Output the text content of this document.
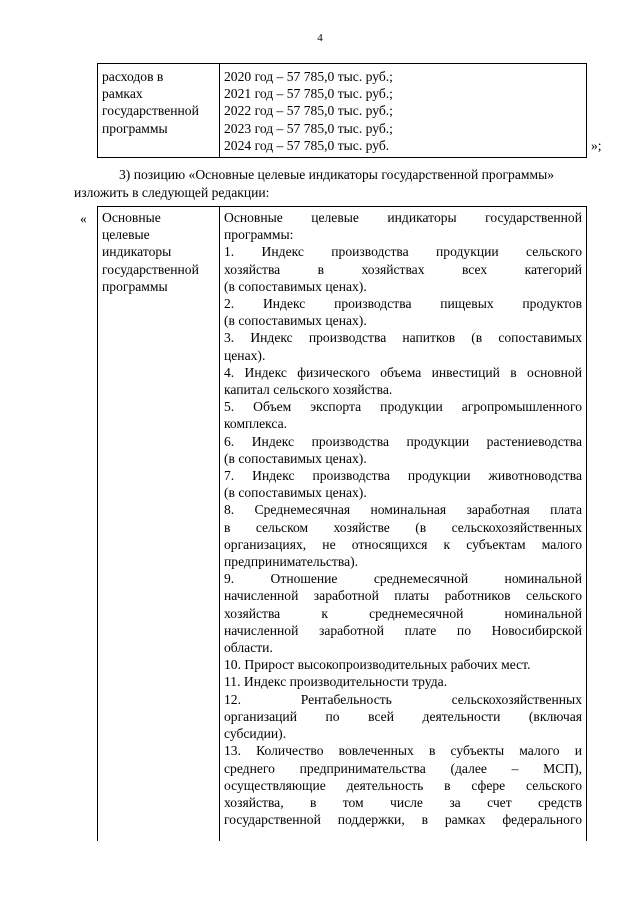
4
расходов в
рамках
государственной
программы

2020 год – 57 785,0 тыс. руб.;
2021 год – 57 785,0 тыс. руб.;
2022 год – 57 785,0 тыс. руб.;
2023 год – 57 785,0 тыс. руб.;
2024 год – 57 785,0 тыс. руб.	»;
3) позицию «Основные целевые индикаторы государственной программы»
изложить в следующей редакции:
« Основные
целевые
индикаторы
государственной
программы

Основные целевые индикаторы государственной
программы:
1. Индекс производства продукции сельского
хозяйства в хозяйствах всех категорий
(в сопоставимых ценах).
2. Индекс производства пищевых продуктов
(в сопоставимых ценах).
3. Индекс производства напитков (в сопоставимых
ценах).
4. Индекс физического объема инвестиций в основной
капитал сельского хозяйства.
5. Объем экспорта продукции агропромышленного
комплекса.
6. Индекс производства продукции растениеводства
(в сопоставимых ценах).
7. Индекс производства продукции животноводства
(в сопоставимых ценах).
8. Среднемесячная номинальная заработная плата
в сельском хозяйстве (в сельскохозяйственных
организациях, не относящихся к субъектам малого
предпринимательства).
9. Отношение среднемесячной номинальной
начисленной заработной платы работников сельского
хозяйства к среднемесячной номинальной
начисленной заработной плате по Новосибирской
области.
10. Прирост высокопроизводительных рабочих мест.
11. Индекс производительности труда.
12. Рентабельность сельскохозяйственных
организаций по всей деятельности (включая
субсидии).
13. Количество вовлеченных в субъекты малого и
среднего предпринимательства (далее – МСП),
осуществляющие деятельность в сфере сельского
хозяйства, в том числе за счет средств
государственной поддержки, в рамках федерального
